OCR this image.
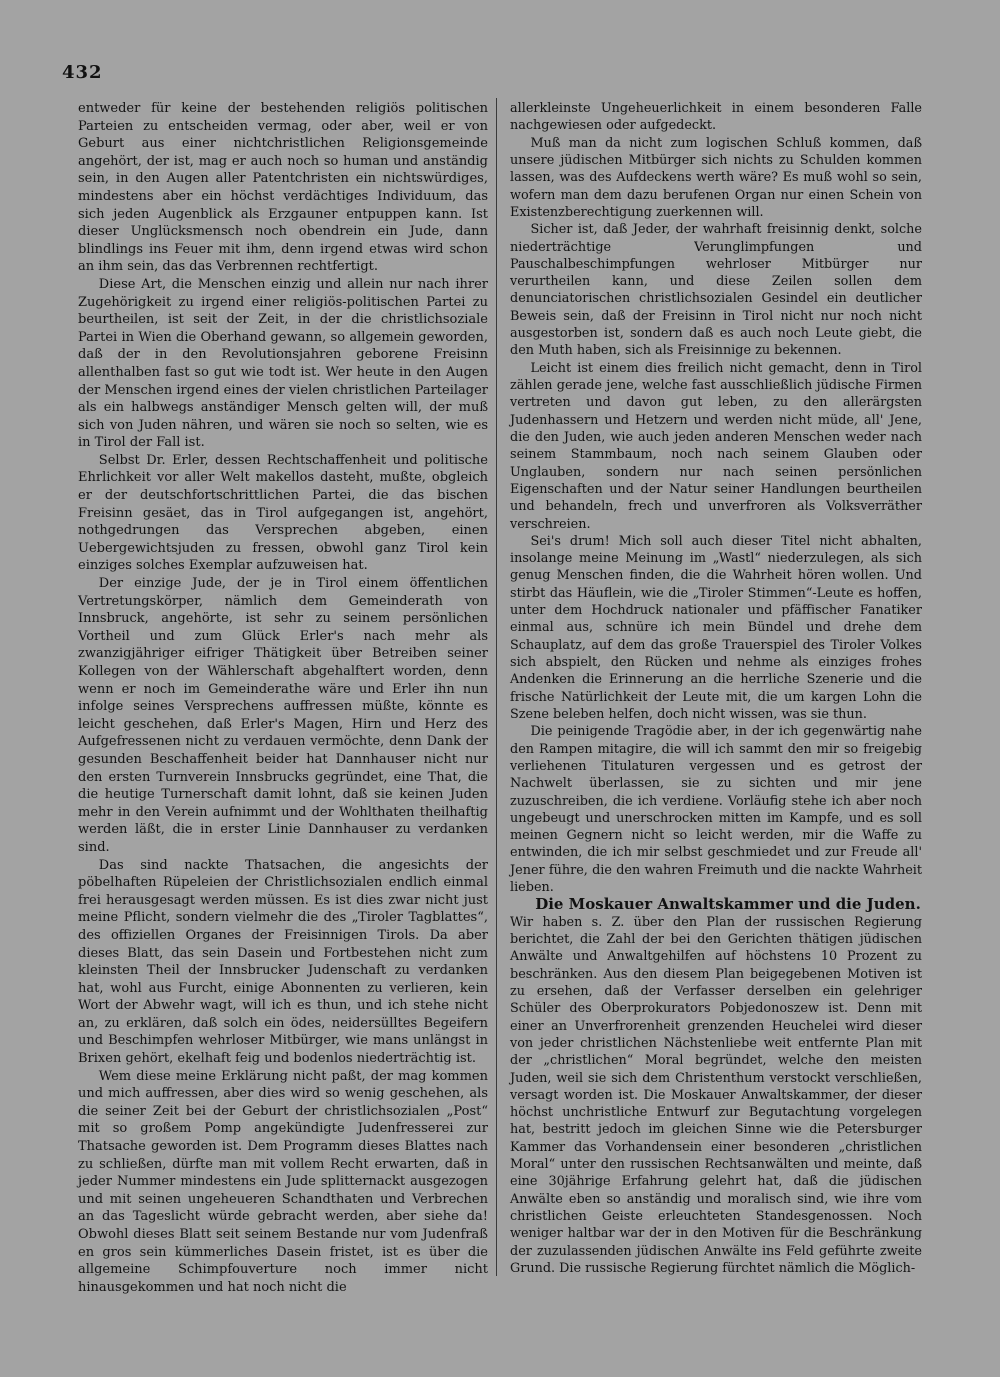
432

entweder für keine der bestehenden religiös politischen Parteien zu entscheiden vermag, oder aber, weil er von Geburt aus einer nichtchristlichen Religionsgemeinde angehört, der ist, mag er auch noch so human und anständig sein, in den Augen aller Patentchristen ein nichtswürdiges, mindestens aber ein höchst verdächtiges Individuum, das sich jeden Augenblick als Erzgauner entpuppen kann. Ist dieser Unglücksmensch noch obendrein ein Jude, dann blindlings ins Feuer mit ihm, denn irgend etwas wird schon an ihm sein, das das Verbrennen rechtfertigt.

Diese Art, die Menschen einzig und allein nur nach ihrer Zugehörigkeit zu irgend einer religiös-politischen Partei zu beurtheilen, ist seit der Zeit, in der die christlichsoziale Partei in Wien die Oberhand gewann, so allgemein geworden, daß der in den Revolutionsjahren geborene Freisinn allenthalben fast so gut wie todt ist. Wer heute in den Augen der Menschen irgend eines der vielen christlichen Parteilager als ein halbwegs anständiger Mensch gelten will, der muß sich von Juden nähren, und wären sie noch so selten, wie es in Tirol der Fall ist.

Selbst Dr. Erler, dessen Rechtschaffenheit und politische Ehrlichkeit vor aller Welt makellos dasteht, mußte, obgleich er der deutschfortschrittlichen Partei, die das bischen Freisinn gesäet, das in Tirol aufgegangen ist, angehört, nothgedrungen das Versprechen abgeben, einen Uebergewichtsjuden zu fressen, obwohl ganz Tirol kein einziges solches Exemplar aufzuweisen hat.

Der einzige Jude, der je in Tirol einem öffentlichen Vertretungskörper, nämlich dem Gemeinderath von Innsbruck, angehörte, ist sehr zu seinem persönlichen Vortheil und zum Glück Erler's nach mehr als zwanzigjähriger eifriger Thätigkeit über Betreiben seiner Kollegen von der Wählerschaft abgehalftert worden, denn wenn er noch im Gemeinderathe wäre und Erler ihn nun infolge seines Versprechens auffressen müßte, könnte es leicht geschehen, daß Erler's Magen, Hirn und Herz des Aufgefressenen nicht zu verdauen vermöchte, denn Dank der gesunden Beschaffenheit beider hat Dannhauser nicht nur den ersten Turnverein Innsbrucks gegründet, eine That, die die heutige Turnerschaft damit lohnt, daß sie keinen Juden mehr in den Verein aufnimmt und der Wohlthaten theilhaftig werden läßt, die in erster Linie Dannhauser zu verdanken sind.

Das sind nackte Thatsachen, die angesichts der pöbelhaften Rüpeleien der Christlichsozialen endlich einmal frei herausgesagt werden müssen. Es ist dies zwar nicht just meine Pflicht, sondern vielmehr die des „Tiroler Tagblattes“, des offiziellen Organes der Freisinnigen Tirols. Da aber dieses Blatt, das sein Dasein und Fortbestehen nicht zum kleinsten Theil der Innsbrucker Judenschaft zu verdanken hat, wohl aus Furcht, einige Abonnenten zu verlieren, kein Wort der Abwehr wagt, will ich es thun, und ich stehe nicht an, zu erklären, daß solch ein ödes, neidersülltes Begeifern und Beschimpfen wehrloser Mitbürger, wie mans unlängst in Brixen gehört, ekelhaft feig und bodenlos niederträchtig ist.

Wem diese meine Erklärung nicht paßt, der mag kommen und mich auffressen, aber dies wird so wenig geschehen, als die seiner Zeit bei der Geburt der christlichsozialen „Post“ mit so großem Pomp angekündigte Judenfresserei zur Thatsache geworden ist. Dem Programm dieses Blattes nach zu schließen, dürfte man mit vollem Recht erwarten, daß in jeder Nummer mindestens ein Jude splitternackt ausgezogen und mit seinen ungeheueren Schandthaten und Verbrechen an das Tageslicht würde gebracht werden, aber siehe da! Obwohl dieses Blatt seit seinem Bestande nur vom Judenfraß en gros sein kümmerliches Dasein fristet, ist es über die allgemeine Schimpfouverture noch immer nicht hinausgekommen und hat noch nicht die

allerkleinste Ungeheuerlichkeit in einem besonderen Falle nachgewiesen oder aufgedeckt.

Muß man da nicht zum logischen Schluß kommen, daß unsere jüdischen Mitbürger sich nichts zu Schulden kommen lassen, was des Aufdeckens werth wäre? Es muß wohl so sein, wofern man dem dazu berufenen Organ nur einen Schein von Existenzberechtigung zuerkennen will.

Sicher ist, daß Jeder, der wahrhaft freisinnig denkt, solche niederträchtige Verunglimpfungen und Pauschalbeschimpfungen wehrloser Mitbürger nur verurtheilen kann, und diese Zeilen sollen dem denunciatorischen christlichsozialen Gesindel ein deutlicher Beweis sein, daß der Freisinn in Tirol nicht nur noch nicht ausgestorben ist, sondern daß es auch noch Leute giebt, die den Muth haben, sich als Freisinnige zu bekennen.

Leicht ist einem dies freilich nicht gemacht, denn in Tirol zählen gerade jene, welche fast ausschließlich jüdische Firmen vertreten und davon gut leben, zu den allerärgsten Judenhassern und Hetzern und werden nicht müde, all' Jene, die den Juden, wie auch jeden anderen Menschen weder nach seinem Stammbaum, noch nach seinem Glauben oder Unglauben, sondern nur nach seinen persönlichen Eigenschaften und der Natur seiner Handlungen beurtheilen und behandeln, frech und unverfroren als Volksverräther verschreien.

Sei's drum! Mich soll auch dieser Titel nicht abhalten, insolange meine Meinung im „Wastl“ niederzulegen, als sich genug Menschen finden, die die Wahrheit hören wollen. Und stirbt das Häuflein, wie die „Tiroler Stimmen“-Leute es hoffen, unter dem Hochdruck nationaler und pfäffischer Fanatiker einmal aus, schnüre ich mein Bündel und drehe dem Schauplatz, auf dem das große Trauerspiel des Tiroler Volkes sich abspielt, den Rücken und nehme als einziges frohes Andenken die Erinnerung an die herrliche Szenerie und die frische Natürlichkeit der Leute mit, die um kargen Lohn die Szene beleben helfen, doch nicht wissen, was sie thun.

Die peinigende Tragödie aber, in der ich gegenwärtig nahe den Rampen mitagire, die will ich sammt den mir so freigebig verliehenen Titulaturen vergessen und es getrost der Nachwelt überlassen, sie zu sichten und mir jene zuzuschreiben, die ich verdiene. Vorläufig stehe ich aber noch ungebeugt und unerschrocken mitten im Kampfe, und es soll meinen Gegnern nicht so leicht werden, mir die Waffe zu entwinden, die ich mir selbst geschmiedet und zur Freude all' Jener führe, die den wahren Freimuth und die nackte Wahrheit lieben.

Die Moskauer Anwaltskammer und die Juden.

Wir haben s. Z. über den Plan der russischen Regierung berichtet, die Zahl der bei den Gerichten thätigen jüdischen Anwälte und Anwaltgehilfen auf höchstens 10 Prozent zu beschränken. Aus den diesem Plan beigegebenen Motiven ist zu ersehen, daß der Verfasser derselben ein gelehriger Schüler des Oberprokurators Pobjedonoszew ist. Denn mit einer an Unverfrorenheit grenzenden Heuchelei wird dieser von jeder christlichen Nächstenliebe weit entfernte Plan mit der „christlichen“ Moral begründet, welche den meisten Juden, weil sie sich dem Christenthum verstockt verschließen, versagt worden ist. Die Moskauer Anwaltskammer, der dieser höchst unchristliche Entwurf zur Begutachtung vorgelegen hat, bestritt jedoch im gleichen Sinne wie die Petersburger Kammer das Vorhandensein einer besonderen „christlichen Moral“ unter den russischen Rechtsanwälten und meinte, daß eine 30jährige Erfahrung gelehrt hat, daß die jüdischen Anwälte eben so anständig und moralisch sind, wie ihre vom christlichen Geiste erleuchteten Standesgenossen. Noch weniger haltbar war der in den Motiven für die Beschränkung der zuzulassenden jüdischen Anwälte ins Feld geführte zweite Grund. Die russische Regierung fürchtet nämlich die Möglich-
